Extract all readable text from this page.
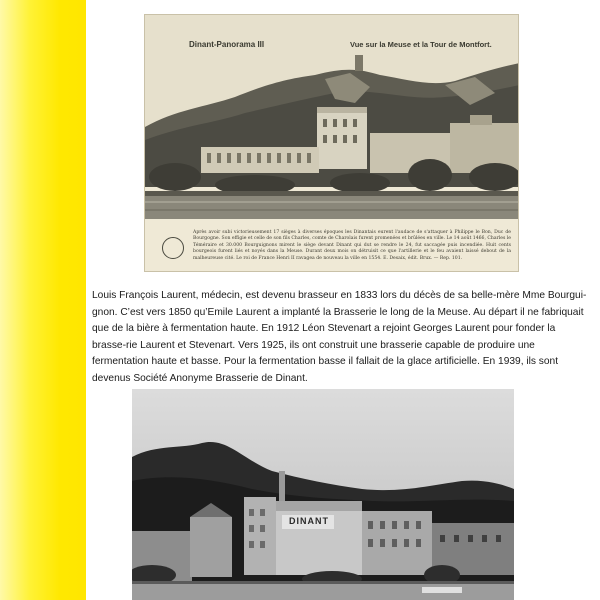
Dinant-Panorama III	Vue sur la Meuse et la Tour de Montfort.
Après avoir subi victorieusement 17 sièges à diverses époques les Dinantais eurent l'audace de s'attaquer à Philippe le Bon, Duc de Bourgogne. Son effigie et celle de son fils Charles, comte de Charolais furent promenées et brûlées en ville. Le 14 août 1466, Charles le Téméraire et 30.000 Bourguignons mirent le siège devant Dinant qui dut se rendre le 24, fut saccagée puis incendiée. Huit cents bourgeois furent liés et noyés dans la Meuse. Durant deux mois on détruisit ce que l'artillerie et le feu avaient laissé debout de la malheureuse cité. Le roi de France Henri II ravagea de nouveau la ville en 1554. E. Desaix, édit. Brux. — Rep. 101.

Louis François Laurent, médecin, est devenu brasseur en 1833 lors du décès de sa belle-mère Mme Bourgui-gnon. C’est vers 1850 qu’Emile Laurent a implanté la Brasserie le long de la Meuse. Au départ il ne fabriquait que de la bière à fermentation haute. En 1912 Léon Stevenart a rejoint Georges Laurent pour fonder la brasse-rie Laurent et Stevenart. Vers 1925, ils ont construit une brasserie capable de produire une fermentation haute et basse. Pour la fermentation basse il fallait de la glace artificielle. En 1939, ils sont devenus Société Anonyme Brasserie de Dinant.

DINANT
